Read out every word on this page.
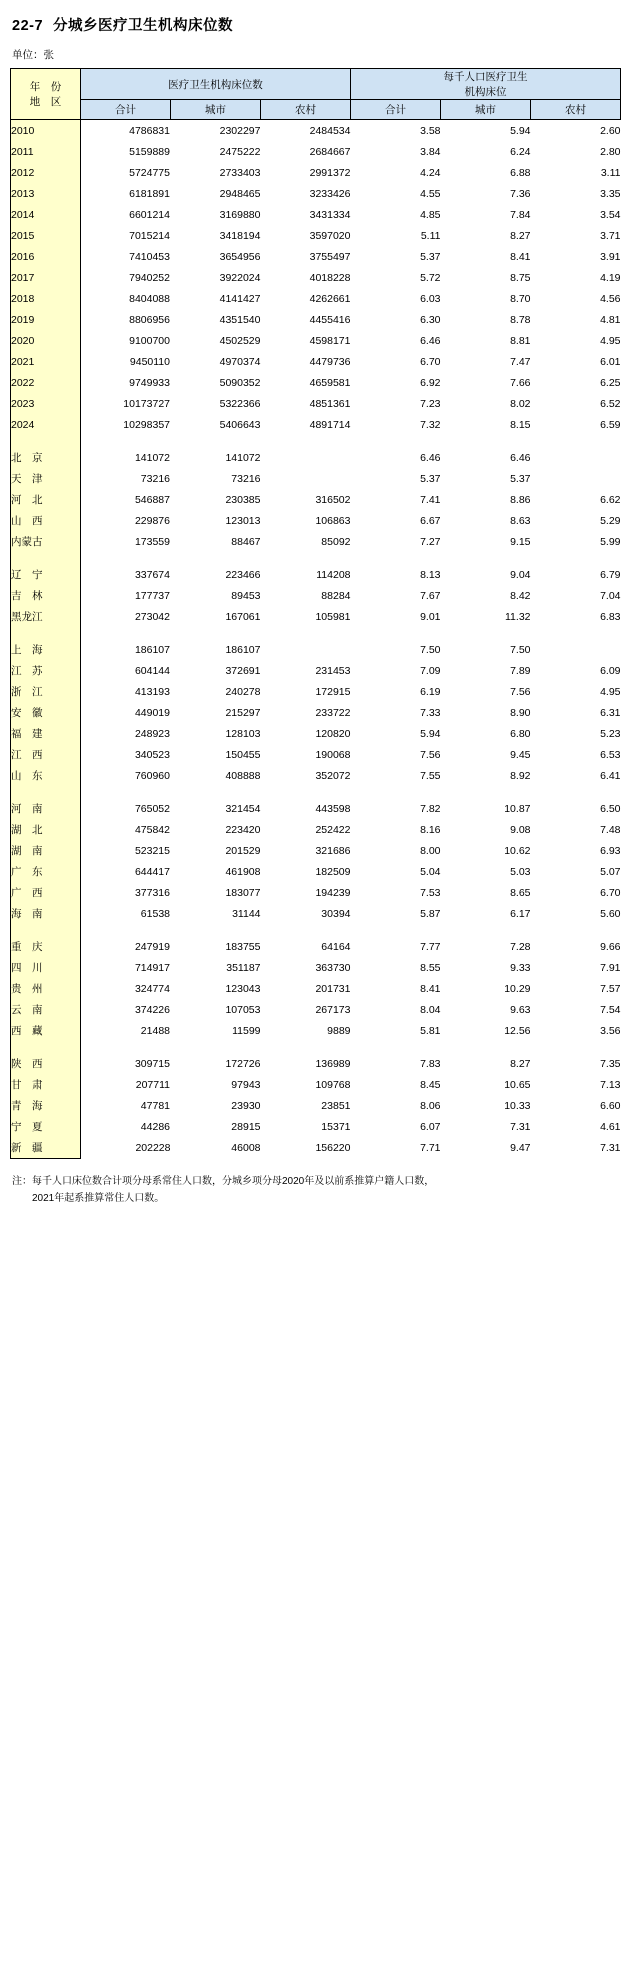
22-7 分城乡医疗卫生机构床位数
单位：张
年　份
地　区
	医疗卫生机构床位数	
每千人口医疗卫生
机构床位

	合计	城市	农村	合计	城市	农村
2010	4786831	2302297	2484534	3.58	5.94	2.60
2011	5159889	2475222	2684667	3.84	6.24	2.80
2012	5724775	2733403	2991372	4.24	6.88	3.11
2013	6181891	2948465	3233426	4.55	7.36	3.35
2014	6601214	3169880	3431334	4.85	7.84	3.54
2015	7015214	3418194	3597020	5.11	8.27	3.71
2016	7410453	3654956	3755497	5.37	8.41	3.91
2017	7940252	3922024	4018228	5.72	8.75	4.19
2018	8404088	4141427	4262661	6.03	8.70	4.56
2019	8806956	4351540	4455416	6.30	8.78	4.81
2020	9100700	4502529	4598171	6.46	8.81	4.95
2021	9450110	4970374	4479736	6.70	7.47	6.01
2022	9749933	5090352	4659581	6.92	7.66	6.25
2023	10173727	5322366	4851361	7.23	8.02	6.52
2024	10298357	5406643	4891714	7.32	8.15	6.59

北　京	141072	141072		6.46	6.46	
天　津	73216	73216		5.37	5.37	
河　北	546887	230385	316502	7.41	8.86	6.62
山　西	229876	123013	106863	6.67	8.63	5.29
内蒙古	173559	88467	85092	7.27	9.15	5.99

辽　宁	337674	223466	114208	8.13	9.04	6.79
吉　林	177737	89453	88284	7.67	8.42	7.04
黑龙江	273042	167061	105981	9.01	11.32	6.83

上　海	186107	186107		7.50	7.50	
江　苏	604144	372691	231453	7.09	7.89	6.09
浙　江	413193	240278	172915	6.19	7.56	4.95
安　徽	449019	215297	233722	7.33	8.90	6.31
福　建	248923	128103	120820	5.94	6.80	5.23
江　西	340523	150455	190068	7.56	9.45	6.53
山　东	760960	408888	352072	7.55	8.92	6.41

河　南	765052	321454	443598	7.82	10.87	6.50
湖　北	475842	223420	252422	8.16	9.08	7.48
湖　南	523215	201529	321686	8.00	10.62	6.93
广　东	644417	461908	182509	5.04	5.03	5.07
广　西	377316	183077	194239	7.53	8.65	6.70
海　南	61538	31144	30394	5.87	6.17	5.60

重　庆	247919	183755	64164	7.77	7.28	9.66
四　川	714917	351187	363730	8.55	9.33	7.91
贵　州	324774	123043	201731	8.41	10.29	7.57
云　南	374226	107053	267173	8.04	9.63	7.54
西　藏	21488	11599	9889	5.81	12.56	3.56

陕　西	309715	172726	136989	7.83	8.27	7.35
甘　肃	207711	97943	109768	8.45	10.65	7.13
青　海	47781	23930	23851	8.06	10.33	6.60
宁　夏	44286	28915	15371	6.07	7.31	4.61
新　疆	202228	46008	156220	7.71	9.47	7.31
注：每千人口床位数合计项分母系常住人口数，分城乡项分母2020年及以前系推算户籍人口数，
　　2021年起系推算常住人口数。
